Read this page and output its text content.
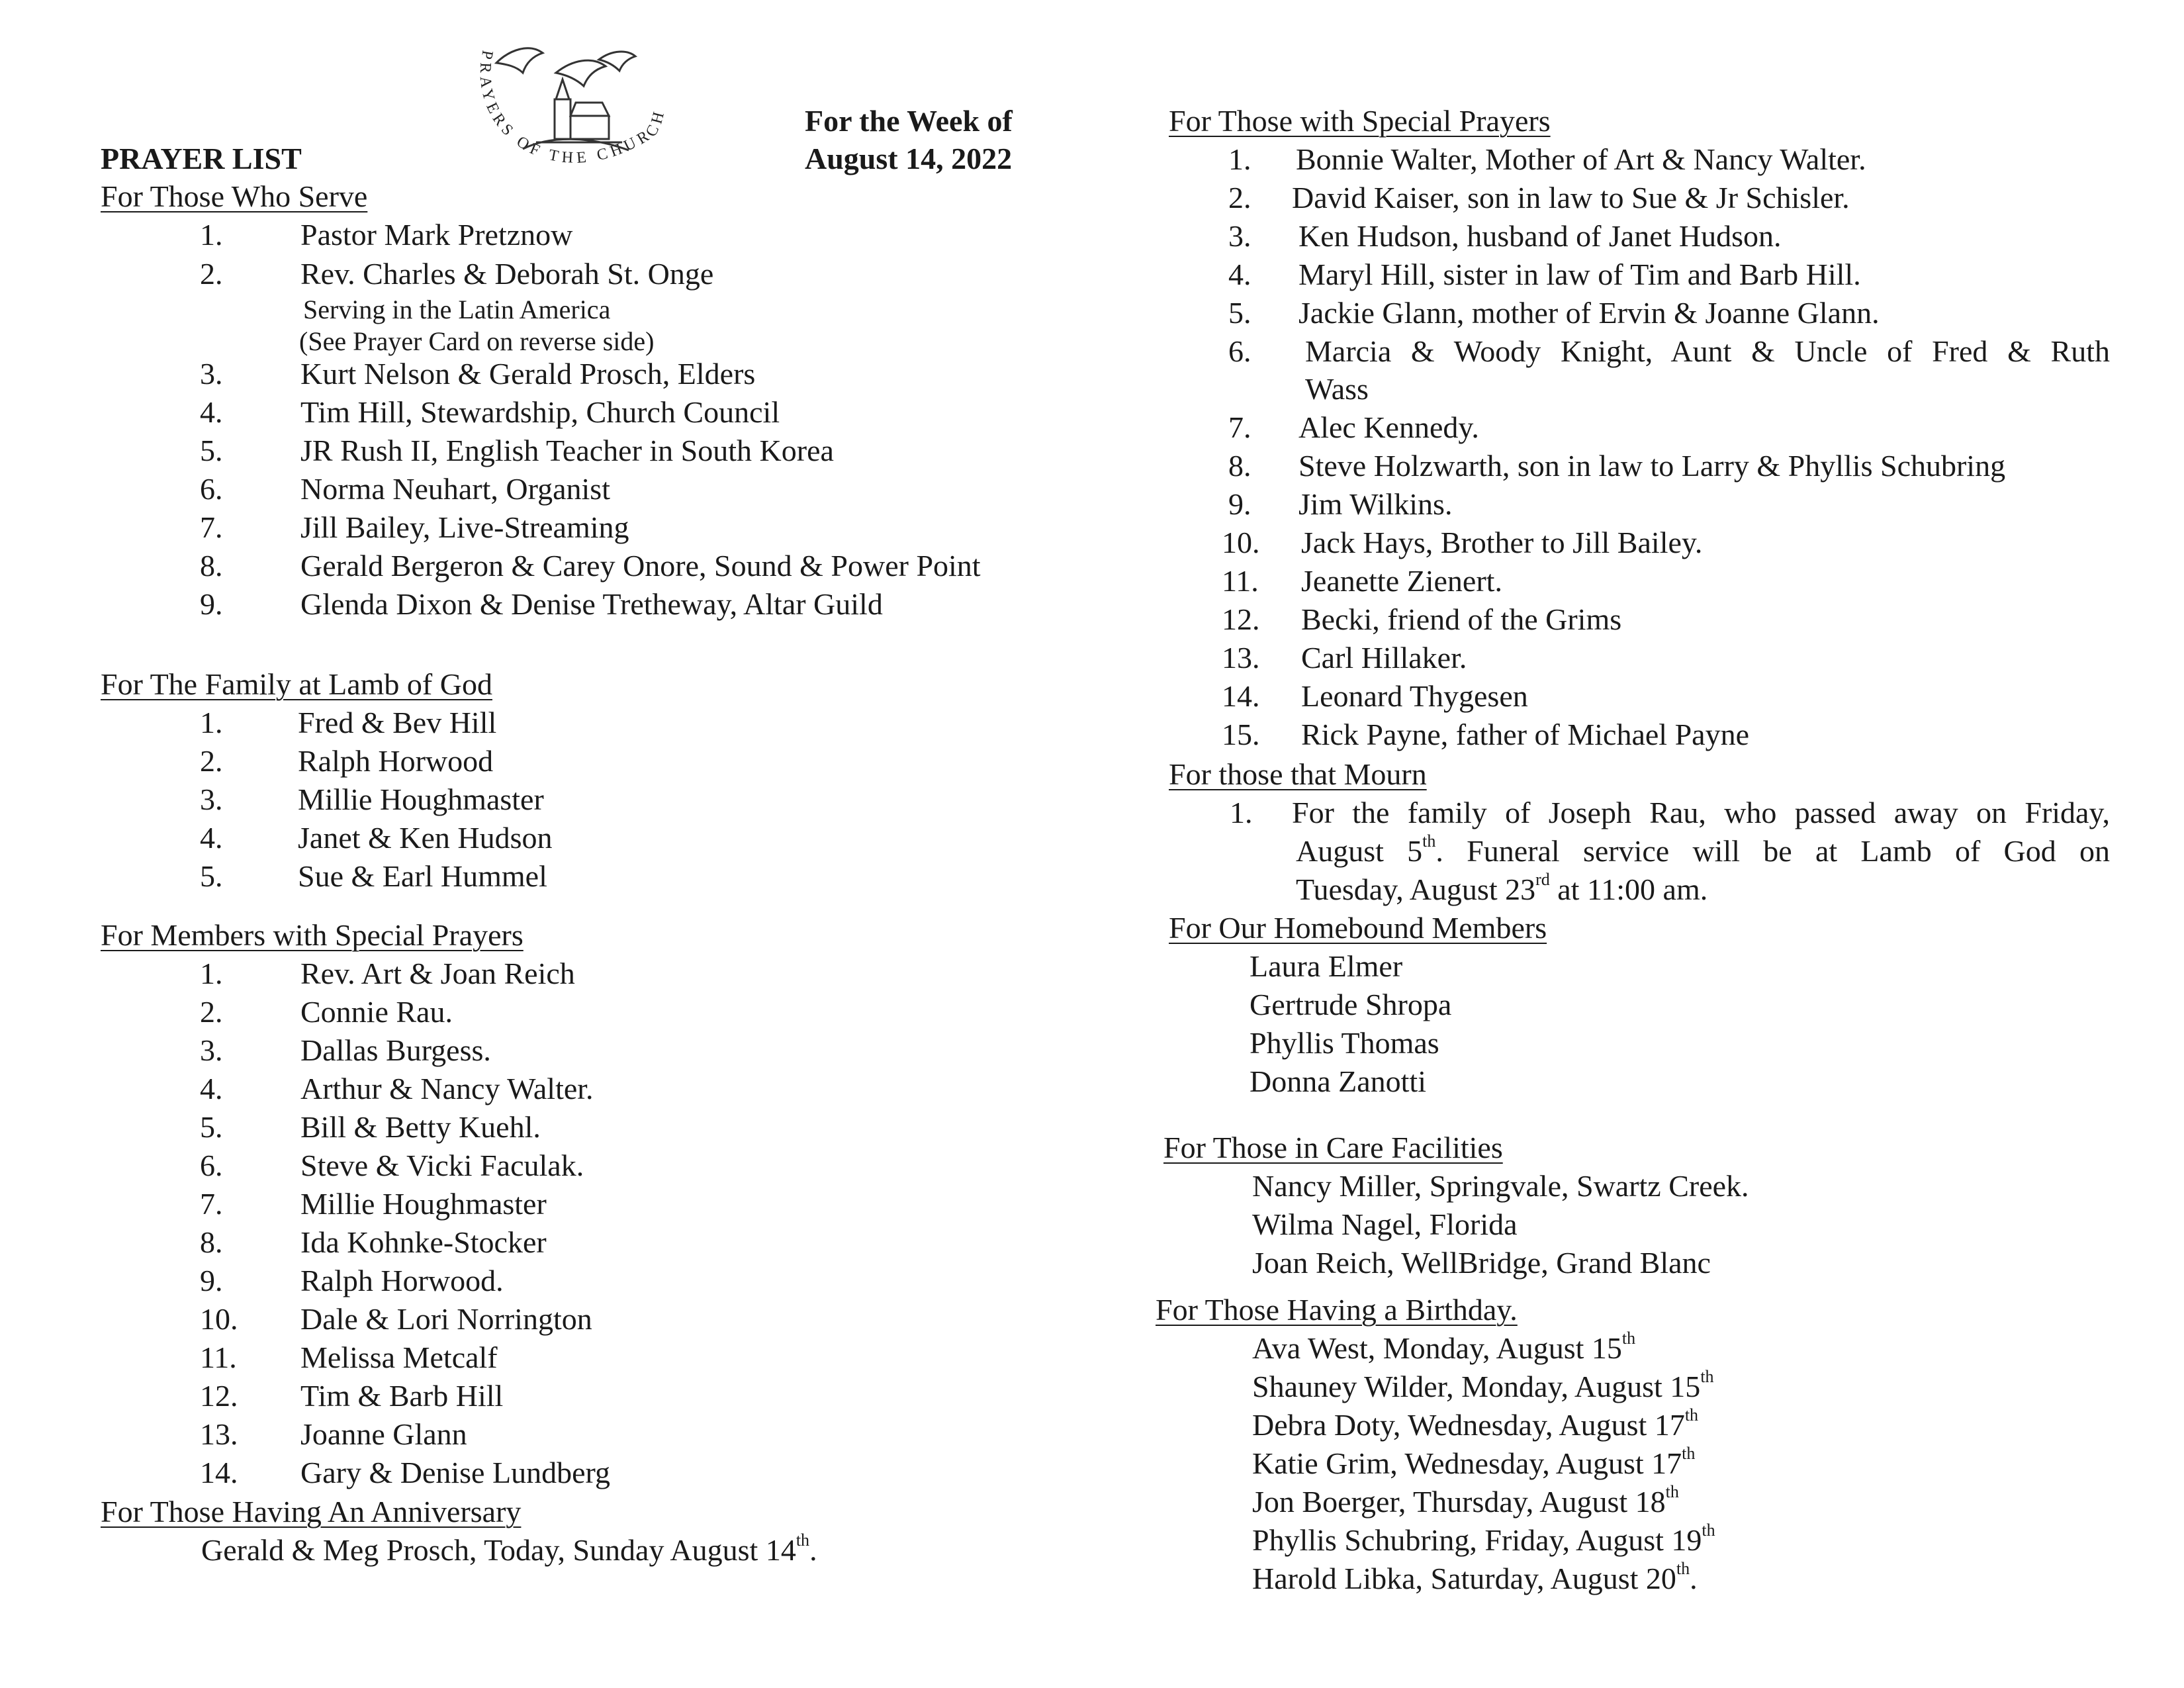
PRAYERS OF THE CHURCH
PRAYER LIST
For the Week of
August 14, 2022
For Those Who Serve
1.	Pastor Mark Pretznow
2.	Rev. Charles & Deborah St. Onge
3.	Kurt Nelson & Gerald Prosch, Elders
4.	Tim Hill, Stewardship, Church Council
5.	JR Rush II, English Teacher in South Korea
6.	Norma Neuhart, Organist
7.	Jill Bailey, Live-Streaming
8.	Gerald Bergeron & Carey Onore, Sound & Power Point
9.	Glenda Dixon & Denise Tretheway, Altar Guild
Serving in the Latin America
(See Prayer Card on reverse side)
For The Family at Lamb of God
1. Fred & Bev Hill
2. Ralph Horwood
3. Millie Houghmaster
4. Janet & Ken Hudson
5. Sue & Earl Hummel
For Members with Special Prayers
1.	Rev. Art & Joan Reich
2.	Connie Rau.
3.	Dallas Burgess.
4.	Arthur & Nancy Walter.
5.	Bill & Betty Kuehl.
6.	Steve & Vicki Faculak.
7.	Millie Houghmaster
8.	Ida Kohnke-Stocker
9.	Ralph Horwood.
10. Dale & Lori Norrington
11. Melissa Metcalf
12. Tim & Barb Hill
13. Joanne Glann
14. Gary & Denise Lundberg
For Those Having An Anniversary
Gerald & Meg Prosch, Today, Sunday August 14th.
For Those with Special Prayers
1. Bonnie Walter, Mother of Art & Nancy Walter.
2. David Kaiser, son in law to Sue & Jr Schisler.
3. Ken Hudson, husband of Janet Hudson.
4. Maryl Hill, sister in law of Tim and Barb Hill.
5. Jackie Glann, mother of Ervin & Joanne Glann.
6. Marcia & Woody Knight, Aunt & Uncle of Fred & Ruth
7. Alec Kennedy.
8. Steve Holzwarth, son in law to Larry & Phyllis Schubring
9. Jim Wilkins.
10. Jack Hays, Brother to Jill Bailey.
11. Jeanette Zienert.
12. Becki, friend of the Grims
13. Carl Hillaker.
14. Leonard Thygesen
15. Rick Payne, father of Michael Payne
Wass
For those that Mourn
1. For the family of Joseph Rau, who passed away on Friday,
August 5th. Funeral service will be at Lamb of God on
Tuesday, August 23rd at 11:00 am.
For Our Homebound Members
Laura Elmer
Gertrude Shropa
Phyllis Thomas
Donna Zanotti
For Those in Care Facilities
Nancy Miller, Springvale, Swartz Creek.
Wilma Nagel, Florida
Joan Reich, WellBridge, Grand Blanc
For Those Having a Birthday.
Ava West, Monday, August 15th
Shauney Wilder, Monday, August 15th
Debra Doty, Wednesday, August 17th
Katie Grim, Wednesday, August 17th
Jon Boerger, Thursday, August 18th
Phyllis Schubring, Friday, August 19th
Harold Libka, Saturday, August 20th.
